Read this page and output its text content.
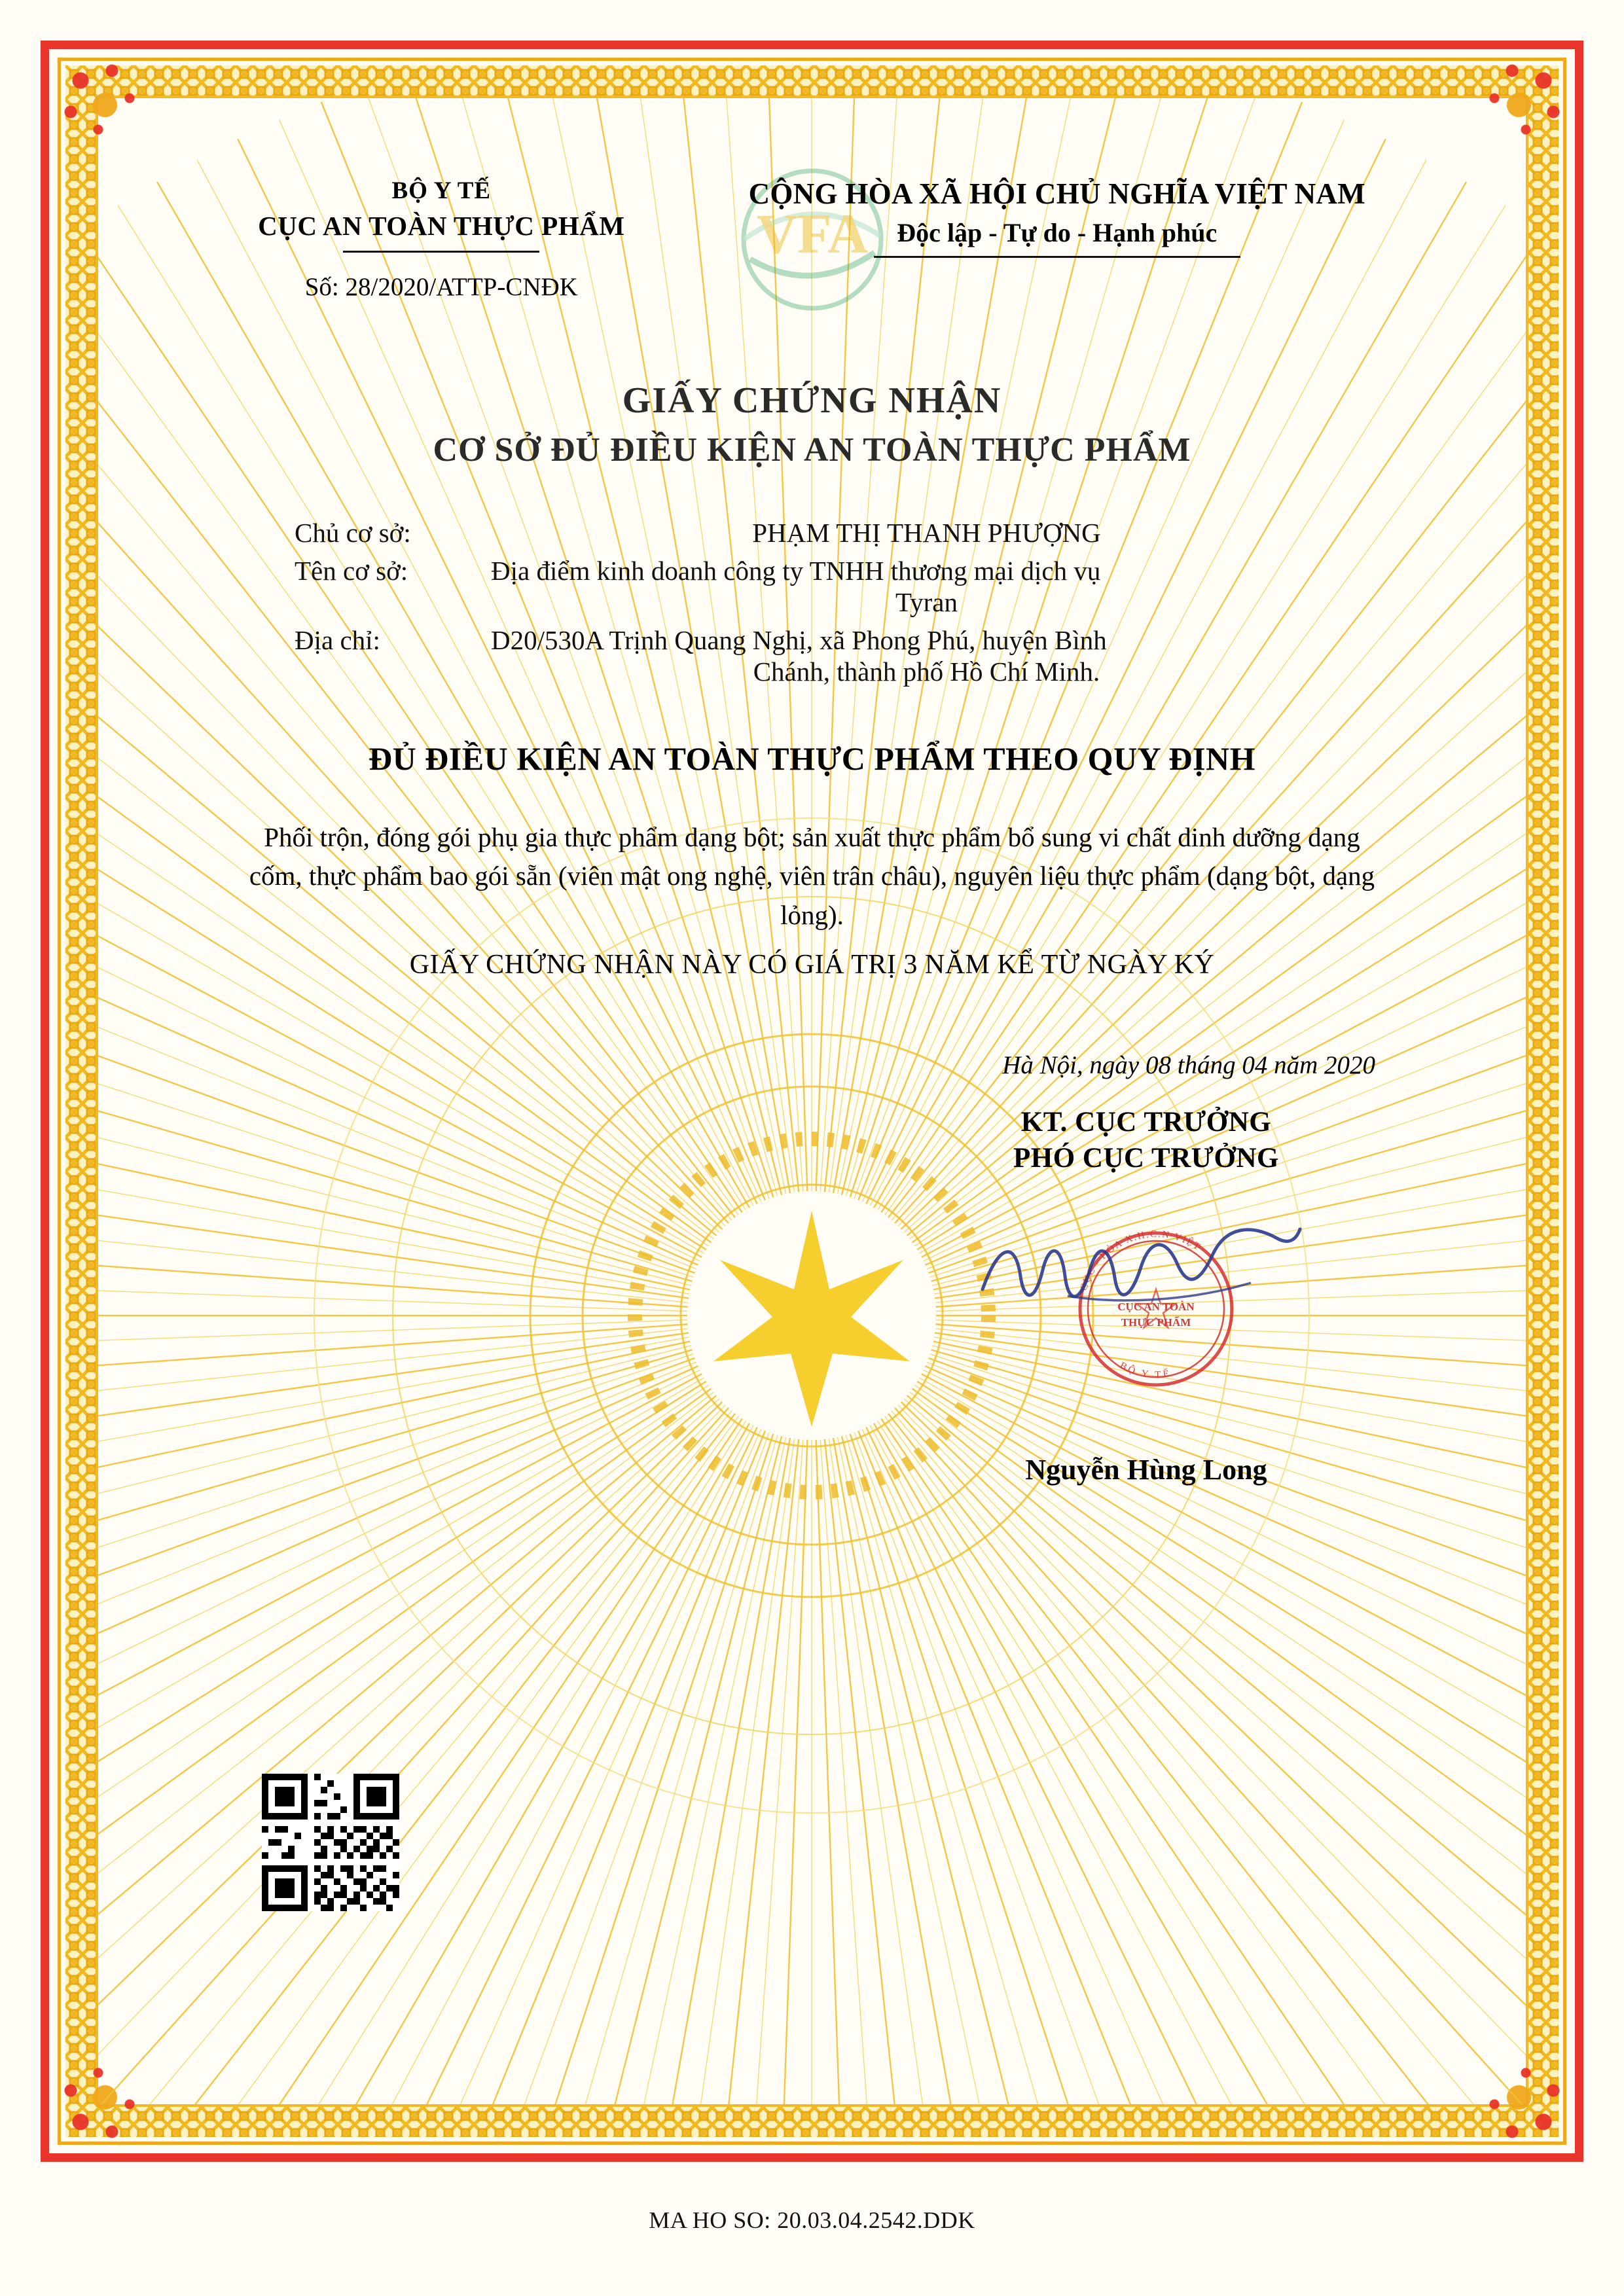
VFA
BỘ Y TẾ
CỤC AN TOÀN THỰC PHẨM
Số: 28/2020/ATTP-CNĐK
CỘNG HÒA XÃ HỘI CHỦ NGHĨA VIỆT NAM
Độc lập - Tự do - Hạnh phúc
GIẤY CHỨNG NHẬN
CƠ SỞ ĐỦ ĐIỀU KIỆN AN TOÀN THỰC PHẨM
Chủ cơ sở:	PHẠM THỊ THANH PHƯỢNG
Tên cơ sở:	Địa điểm kinh doanh công ty TNHH thương mại dịch vụ
Tyran
Địa chỉ:	D20/530A Trịnh Quang Nghị, xã Phong Phú, huyện Bình
Chánh, thành phố Hồ Chí Minh.
ĐỦ ĐIỀU KIỆN AN TOÀN THỰC PHẨM THEO QUY ĐỊNH
Phối trộn, đóng gói phụ gia thực phẩm dạng bột; sản xuất thực phẩm bổ sung vi chất dinh dưỡng dạng cốm, thực phẩm bao gói sẵn (viên mật ong nghệ, viên trân châu), nguyên liệu thực phẩm (dạng bột, dạng lỏng).
GIẤY CHỨNG NHẬN NÀY CÓ GIÁ TRỊ 3 NĂM KỂ TỪ NGÀY KÝ
Hà Nội, ngày 08 tháng 04 năm 2020
KT. CỤC TRƯỞNG
PHÓ CỤC TRƯỞNG
CỤC - HÒA X.H.C.N VIỆT
CỤC AN TOÀN
THỰC PHẨM
BỘ Y TẾ
Nguyễn Hùng Long
MA HO SO: 20.03.04.2542.DDK
